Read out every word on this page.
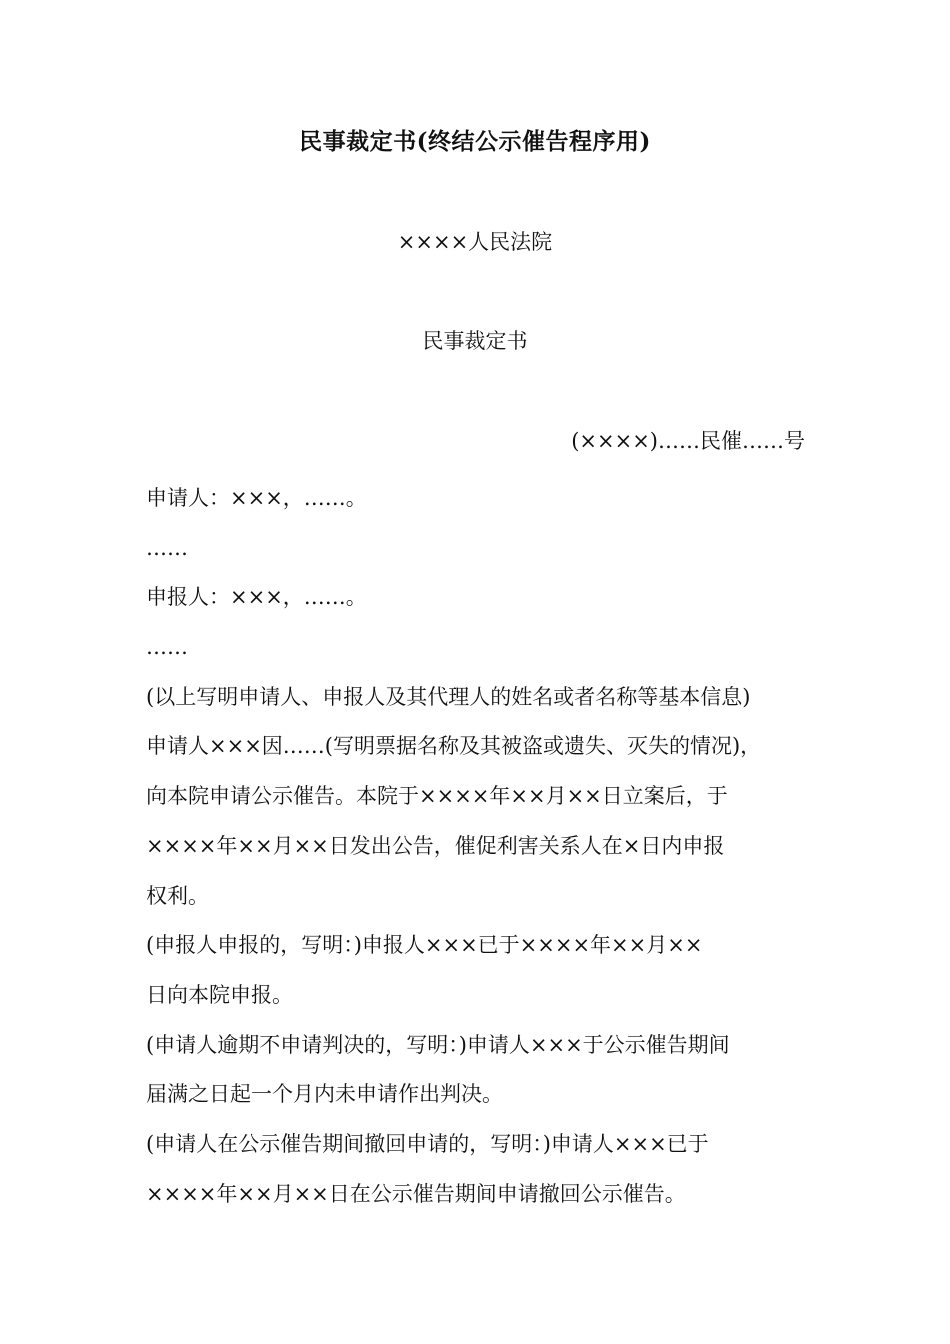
民事裁定书(终结公示催告程序用)
××××人民法院
民事裁定书
(××××)……民催……号
申请人：×××，……。
……
申报人：×××，……。
……
(以上写明申请人、申报人及其代理人的姓名或者名称等基本信息)
申请人×××因……(写明票据名称及其被盗或遗失、灭失的情况)，
向本院申请公示催告。本院于××××年××月××日立案后，于
××××年××月××日发出公告，催促利害关系人在×日内申报
权利。
(申报人申报的，写明：)申报人×××已于××××年××月××
日向本院申报。
(申请人逾期不申请判决的，写明：)申请人×××于公示催告期间
届满之日起一个月内未申请作出判决。
(申请人在公示催告期间撤回申请的，写明：)申请人×××已于
××××年××月××日在公示催告期间申请撤回公示催告。
